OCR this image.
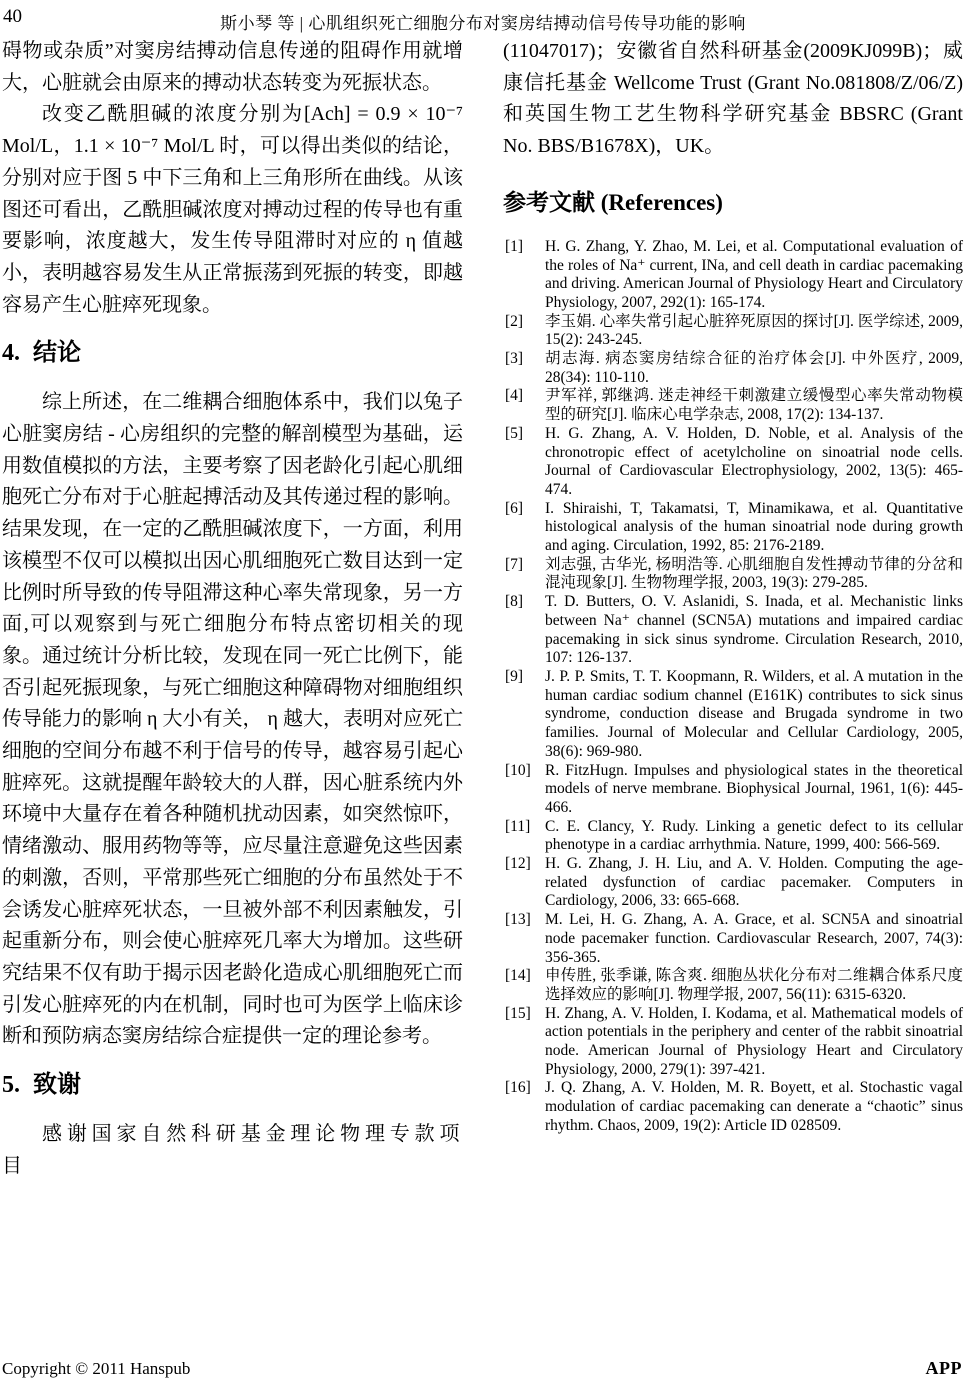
40	斯小琴 等 | 心肌组织死亡细胞分布对窦房结搏动信号传导功能的影响

碍物或杂质”对窦房结搏动信息传递的阻碍作用就增大，心脏就会由原来的搏动状态转变为死振状态。

改变乙酰胆碱的浓度分别为[Ach] = 0.9 × 10⁻⁷ Mol/L，1.1 × 10⁻⁷ Mol/L 时，可以得出类似的结论，分别对应于图 5 中下三角和上三角形所在曲线。从该图还可看出，乙酰胆碱浓度对搏动过程的传导也有重要影响，浓度越大，发生传导阻滞时对应的 η 值越小，表明越容易发生从正常振荡到死振的转变，即越容易产生心脏瘁死现象。

4. 结论

综上所述，在二维耦合细胞体系中，我们以兔子心脏窦房结 - 心房组织的完整的解剖模型为基础，运用数值模拟的方法，主要考察了因老龄化引起心肌细胞死亡分布对于心脏起搏活动及其传递过程的影响。结果发现，在一定的乙酰胆碱浓度下，一方面，利用该模型不仅可以模拟出因心肌细胞死亡数目达到一定比例时所导致的传导阻滞这种心率失常现象，另一方面,可以观察到与死亡细胞分布特点密切相关的现象。通过统计分析比较，发现在同一死亡比例下，能否引起死振现象，与死亡细胞这种障碍物对细胞组织传导能力的影响 η 大小有关， η 越大，表明对应死亡细胞的空间分布越不利于信号的传导，越容易引起心脏瘁死。这就提醒年龄较大的人群，因心脏系统内外环境中大量存在着各种随机扰动因素，如突然惊吓，情绪激动、服用药物等等，应尽量注意避免这些因素的刺激，否则，平常那些死亡细胞的分布虽然处于不会诱发心脏瘁死状态，一旦被外部不利因素触发，引起重新分布，则会使心脏瘁死几率大为增加。这些研究结果不仅有助于揭示因老龄化造成心肌细胞死亡而引发心脏瘁死的内在机制，同时也可为医学上临床诊断和预防病态窦房结综合症提供一定的理论参考。

5. 致谢

感谢国家自然科研基金理论物理专款项目

(11047017)；安徽省自然科研基金(2009KJ099B)；威康信托基金 Wellcome Trust (Grant No.081808/Z/06/Z)和英国生物工艺生物科学研究基金 BBSRC (Grant No. BBS/B1678X)，UK。

参考文献 (References)
[1] H. G. Zhang, Y. Zhao, M. Lei, et al. Computational evaluation of the roles of Na⁺ current, INa, and cell death in cardiac pacemaking and driving. American Journal of Physiology Heart and Circulatory Physiology, 2007, 292(1): 165-174.
[2] 李玉娟. 心率失常引起心脏猝死原因的探讨[J]. 医学综述, 2009, 15(2): 243-245.
[3] 胡志海. 病态窦房结综合征的治疗体会[J]. 中外医疗, 2009, 28(34): 110-110.
[4] 尹军祥, 郭继鸿. 迷走神经干刺激建立缓慢型心率失常动物模型的研究[J]. 临床心电学杂志, 2008, 17(2): 134-137.
[5] H. G. Zhang, A. V. Holden, D. Noble, et al. Analysis of the chronotropic effect of acetylcholine on sinoatrial node cells. Journal of Cardiovascular Electrophysiology, 2002, 13(5): 465-474.
[6] I. Shiraishi, T, Takamatsi, T, Minamikawa, et al. Quantitative histological analysis of the human sinoatrial node during growth and aging. Circulation, 1992, 85: 2176-2189.
[7] 刘志强, 古华光, 杨明浩等. 心肌细胞自发性搏动节律的分岔和混沌现象[J]. 生物物理学报, 2003, 19(3): 279-285.
[8] T. D. Butters, O. V. Aslanidi, S. Inada, et al. Mechanistic links between Na⁺ channel (SCN5A) mutations and impaired cardiac pacemaking in sick sinus syndrome. Circulation Research, 2010, 107: 126-137.
[9] J. P. P. Smits, T. T. Koopmann, R. Wilders, et al. A mutation in the human cardiac sodium channel (E161K) contributes to sick sinus syndrome, conduction disease and Brugada syndrome in two families. Journal of Molecular and Cellular Cardiology, 2005, 38(6): 969-980.
[10] R. FitzHugn. Impulses and physiological states in the theoretical models of nerve membrane. Biophysical Journal, 1961, 1(6): 445-466.
[11] C. E. Clancy, Y. Rudy. Linking a genetic defect to its cellular phenotype in a cardiac arrhythmia. Nature, 1999, 400: 566-569.
[12] H. G. Zhang, J. H. Liu, and A. V. Holden. Computing the age-related dysfunction of cardiac pacemaker. Computers in Cardiology, 2006, 33: 665-668.
[13] M. Lei, H. G. Zhang, A. A. Grace, et al. SCN5A and sinoatrial node pacemaker function. Cardiovascular Research, 2007, 74(3): 356-365.
[14] 申传胜, 张季谦, 陈含爽. 细胞丛状化分布对二维耦合体系尺度选择效应的影响[J]. 物理学报, 2007, 56(11): 6315-6320.
[15] H. Zhang, A. V. Holden, I. Kodama, et al. Mathematical models of action potentials in the periphery and center of the rabbit sinoatrial node. American Journal of Physiology Heart and Circulatory Physiology, 2000, 279(1): 397-421.
[16] J. Q. Zhang, A. V. Holden, M. R. Boyett, et al. Stochastic vagal modulation of cardiac pacemaking can denerate a “chaotic” sinus rhythm. Chaos, 2009, 19(2): Article ID 028509.
Copyright © 2011 Hanspub	APP
